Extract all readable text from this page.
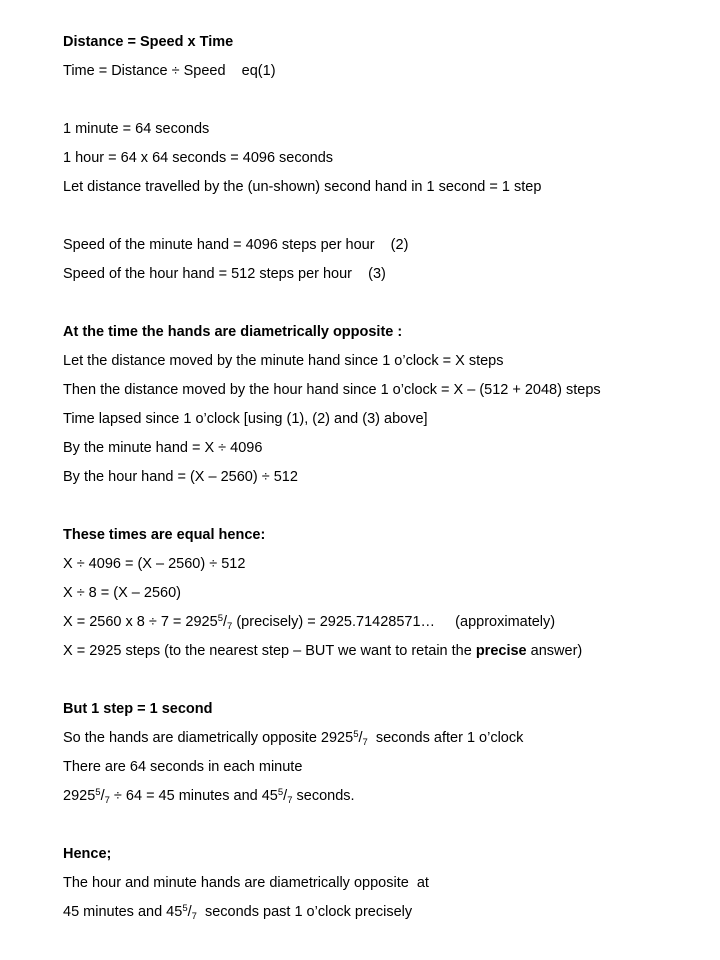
Distance = Speed x Time
Time = Distance ÷ Speed    eq(1)
1 minute = 64 seconds
1 hour = 64 x 64 seconds = 4096 seconds
Let distance travelled by the (un-shown) second hand in 1 second = 1 step
Speed of the minute hand = 4096 steps per hour    (2)
Speed of the hour hand = 512 steps per hour    (3)
At the time the hands are diametrically opposite :
Let the distance moved by the minute hand since 1 o’clock = X steps
Then the distance moved by the hour hand since 1 o’clock = X – (512 + 2048) steps
Time lapsed since 1 o’clock [using (1), (2) and (3) above]
By the minute hand = X ÷ 4096
By the hour hand = (X – 2560) ÷ 512
These times are equal hence:
X ÷ 4096 = (X – 2560) ÷ 512
X ÷ 8 = (X – 2560)
X = 2560 x $8 \div 7 = 2925^5/_7$ (precisely) = 2925.71428571…     (approximately)
X = 2925 steps (to the nearest step – BUT we want to retain the precise answer)
But 1 step = 1 second
So the hands are diametrically opposite $2925^5/_7$  seconds after 1 o’clock
There are 64 seconds in each minute
$2925^5/_7 \div 64 = 45$ minutes and $45^5/_7$ seconds.
Hence;
The hour and minute hands are diametrically opposite  at
45 minutes and $45^5/_7$  seconds past 1 o’clock precisely
